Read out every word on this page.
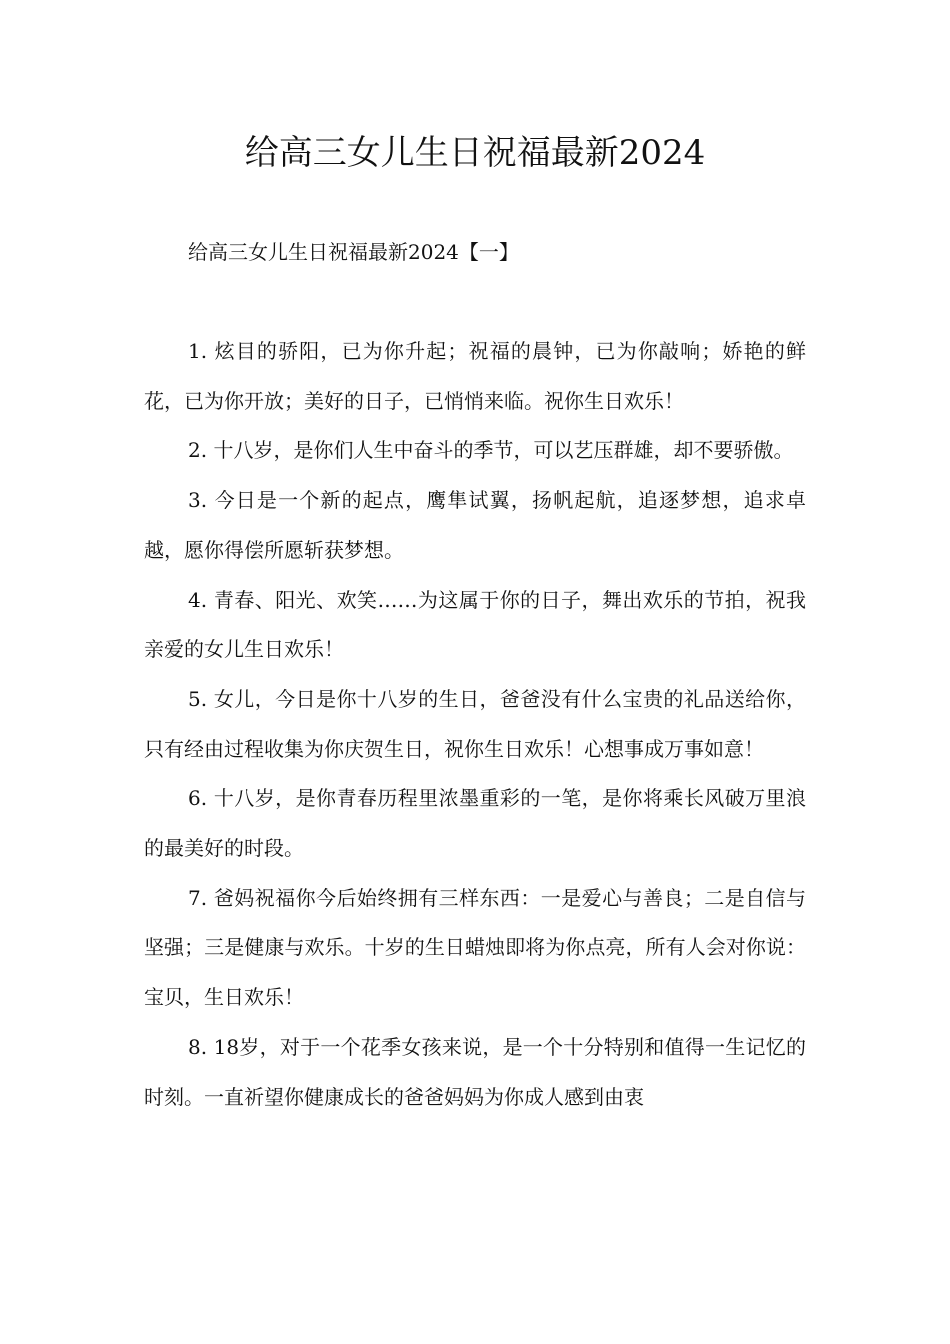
给高三女儿生日祝福最新2024

给高三女儿生日祝福最新2024【一】

1. 炫目的骄阳，已为你升起；祝福的晨钟，已为你敲响；娇艳的鲜花，已为你开放；美好的日子，已悄悄来临。祝你生日欢乐！

2. 十八岁，是你们人生中奋斗的季节，可以艺压群雄，却不要骄傲。

3. 今日是一个新的起点，鹰隼试翼，扬帆起航，追逐梦想，追求卓越，愿你得偿所愿斩获梦想。

4. 青春、阳光、欢笑……为这属于你的日子，舞出欢乐的节拍，祝我亲爱的女儿生日欢乐！

5. 女儿，今日是你十八岁的生日，爸爸没有什么宝贵的礼品送给你，只有经由过程收集为你庆贺生日，祝你生日欢乐！心想事成万事如意！

6. 十八岁，是你青春历程里浓墨重彩的一笔，是你将乘长风破万里浪的最美好的时段。

7. 爸妈祝福你今后始终拥有三样东西：一是爱心与善良；二是自信与坚强；三是健康与欢乐。十岁的生日蜡烛即将为你点亮，所有人会对你说：宝贝，生日欢乐！

8. 18岁，对于一个花季女孩来说，是一个十分特别和值得一生记忆的时刻。一直祈望你健康成长的爸爸妈妈为你成人感到由衷
